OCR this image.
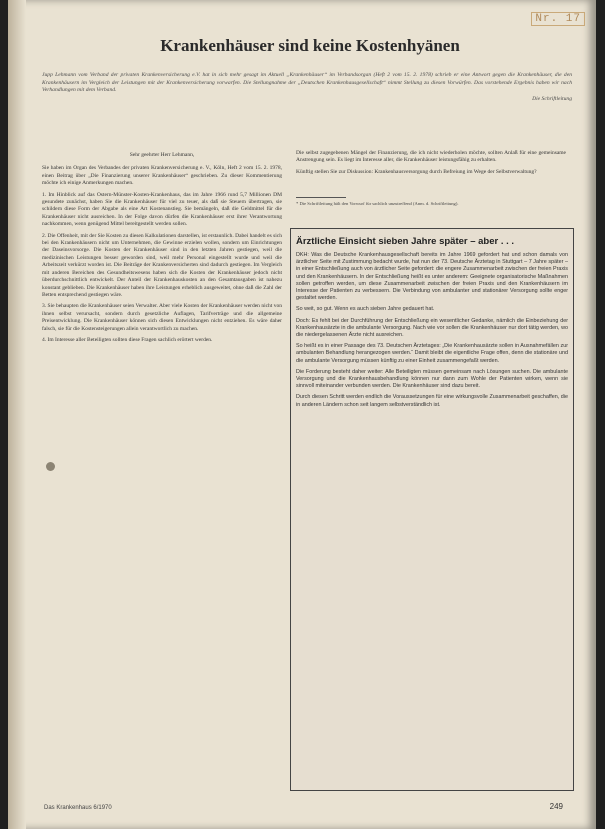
Nr. 17
Krankenhäuser sind keine Kostenhyänen
Jupp Lehmann vom Verband der privaten Krankenversicherung e.V. hat in sich mehr gesagt im Aktuell „Krankenhäuser“ im Verbandsorgan (Heft 2 vom 15. 2. 1978) schrieb er eine Antwort gegen die Krankenhäuser, die den Krankenhäusern im Vergleich der Leistungen mit der Krankenversicherung vorwarfen. Die Stellungnahme der „Deutschen Krankenhausgesellschaft“ nimmt Stellung zu diesen Vorwürfen. Das vorstehende Ergebnis haben wir nach Verhandlungen mit dem Verband.
Die Schriftleitung

Sehr geehrter Herr Lehmann,

Sie haben im Organ des Verbandes der privaten Krankenversicherung e. V., Köln, Heft 2 vom 15. 2. 1978, einen Beitrag über „Die Finanzierung unserer Krankenhäuser“ geschrieben. Zu dieser Kommentierung möchte ich einige Anmerkungen machen.

1. Im Hinblick auf das Ostern-Münster-Kosten-Krankenhaus, das im Jahre 1966 rund 5,7 Millionen DM gesundete zunächst, haben Sie die Krankenhäuser für viel zu teuer, als daß sie Steuern übertragen, sie schildern diese Form der Abgabe als eine Art Kostenanstieg. Sie bemängeln, daß die Geldmittel für die Krankenhäuser nicht ausreichen. In der Folge davon dürfen die Krankenhäuser erst ihrer Verantwortung nachkommen, wenn genügend Mittel bereitgestellt werden sollen.

2. Die Offenheit, mit der Sie Kosten zu diesen Kalkulationen darstellen, ist erstaunlich. Dabei handelt es sich bei den Krankenhäusern nicht um Unternehmen, die Gewinne erzielen wollen, sondern um Einrichtungen der Daseinsvorsorge. Die Kosten der Krankenhäuser sind in den letzten Jahren gestiegen, weil die medizinischen Leistungen besser geworden sind, weil mehr Personal eingestellt wurde und weil die Arbeitszeit verkürzt worden ist. Die Beiträge der Krankenversicherten sind dadurch gestiegen. Im Vergleich mit anderen Bereichen des Gesundheitswesens haben sich die Kosten der Krankenhäuser jedoch nicht überdurchschnittlich entwickelt. Der Anteil der Krankenhauskosten an den Gesamtausgaben ist nahezu konstant geblieben. Die Krankenhäuser haben ihre Leistungen erheblich ausgeweitet, ohne daß die Zahl der Betten entsprechend gestiegen wäre.

3. Sie behaupten die Krankenhäuser seien Verwalter. Aber viele Kosten der Krankenhäuser werden nicht von ihnen selbst verursacht, sondern durch gesetzliche Auflagen, Tarifverträge und die allgemeine Preisentwicklung. Die Krankenhäuser können sich diesen Entwicklungen nicht entziehen. Es wäre daher falsch, sie für die Kostensteigerungen allein verantwortlich zu machen.

4. Im Interesse aller Beteiligten sollten diese Fragen sachlich erörtert werden.

Die selbst zugegebenen Mängel der Finanzierung, die ich nicht wiederholen möchte, sollten Anlaß für eine gemeinsame Anstrengung sein. Es liegt im Interesse aller, die Krankenhäuser leistungsfähig zu erhalten.

Künftig stellen Sie zur Diskussion: Krankenhausversorgung durch Befreiung im Wege der Selbstverwaltung?

* Die Schriftleitung hält den Vorwurf für sachlich unzutreffend (Anm. d. Schriftleitung).
Ärztliche Einsicht sieben Jahre später – aber . . .

DKH: Was die Deutsche Krankenhausgesellschaft bereits im Jahre 1969 gefordert hat und schon damals von ärztlicher Seite mit Zustimmung bedacht wurde, hat nun der 73. Deutsche Ärztetag in Stuttgart – 7 Jahre später – in einer Entschließung auch von ärztlicher Seite gefordert: die engere Zusammenarbeit zwischen der freien Praxis und den Krankenhäusern. In der Entschließung heißt es unter anderem: Geeignete organisatorische Maßnahmen sollen getroffen werden, um diese Zusammenarbeit zwischen der freien Praxis und den Krankenhäusern im Interesse der Patienten zu verbessern. Die Verbindung von ambulanter und stationärer Versorgung sollte enger gestaltet werden.

So weit, so gut. Wenn es auch sieben Jahre gedauert hat.

Doch: Es fehlt bei der Durchführung der Entschließung ein wesentlicher Gedanke, nämlich die Einbeziehung der Krankenhausärzte in die ambulante Versorgung. Nach wie vor sollen die Krankenhäuser nur dort tätig werden, wo die niedergelassenen Ärzte nicht ausreichen.

So heißt es in einer Passage des 73. Deutschen Ärztetages: „Die Krankenhausärzte sollen in Ausnahmefällen zur ambulanten Behandlung herangezogen werden.“ Damit bleibt die eigentliche Frage offen, denn die stationäre und die ambulante Versorgung müssen künftig zu einer Einheit zusammengefaßt werden.

Die Forderung besteht daher weiter: Alle Beteiligten müssen gemeinsam nach Lösungen suchen. Die ambulante Versorgung und die Krankenhausbehandlung können nur dann zum Wohle der Patienten wirken, wenn sie sinnvoll miteinander verbunden werden. Die Krankenhäuser sind dazu bereit.

Durch diesen Schritt werden endlich die Voraussetzungen für eine wirkungsvolle Zusammenarbeit geschaffen, die in anderen Ländern schon seit langem selbstverständlich ist.

Das Krankenhaus 6/1970	249
